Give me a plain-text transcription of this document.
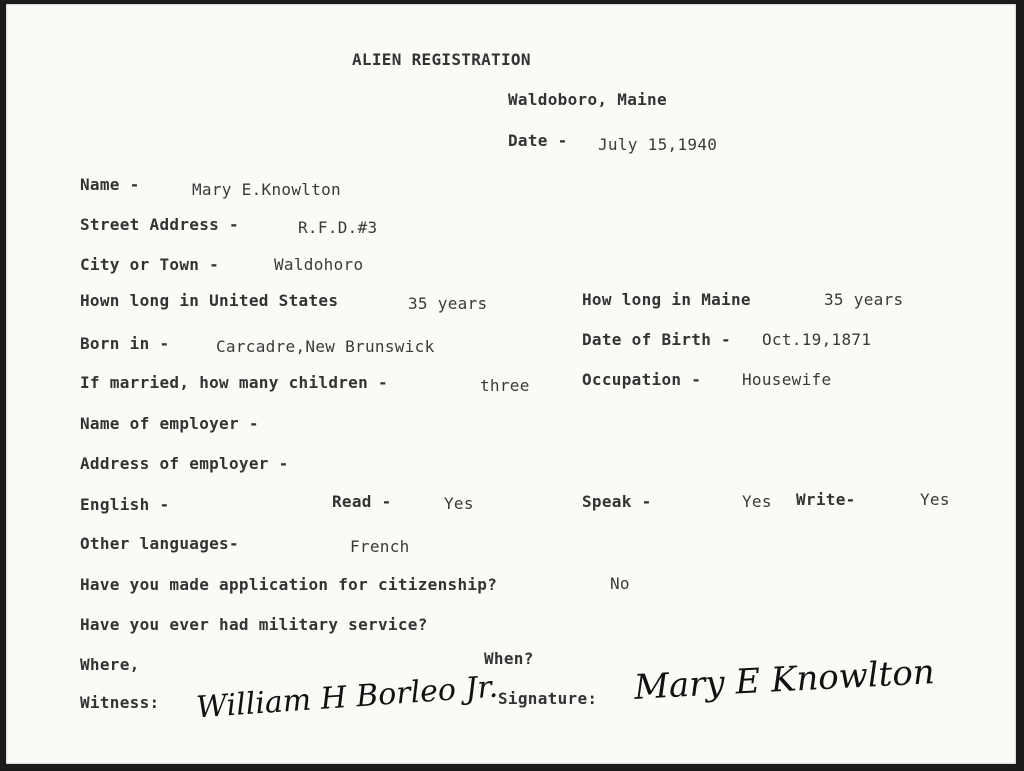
ALIEN REGISTRATION
Waldoboro, Maine
Date - July 15,1940
Name -	Mary E.Knowlton
Street Address -	R.F.D.#3
City or Town -	Waldohoro
Hown long in United States	35 years	How long in Maine	35 years
Born in -	Carcadre,New Brunswick	Date of Birth - Oct.19,1871
If married, how many children -	three	Occupation -	Housewife
Name of employer -
Address of employer -
English -	Read -	Yes	Speak -	Yes Write-	Yes
Other languages-	French
Have you made application for citizenship?	No
Have you ever had military service?
Where,	When?
Witness: William H Borleo Jr.
Signature: Mary E Knowlton
